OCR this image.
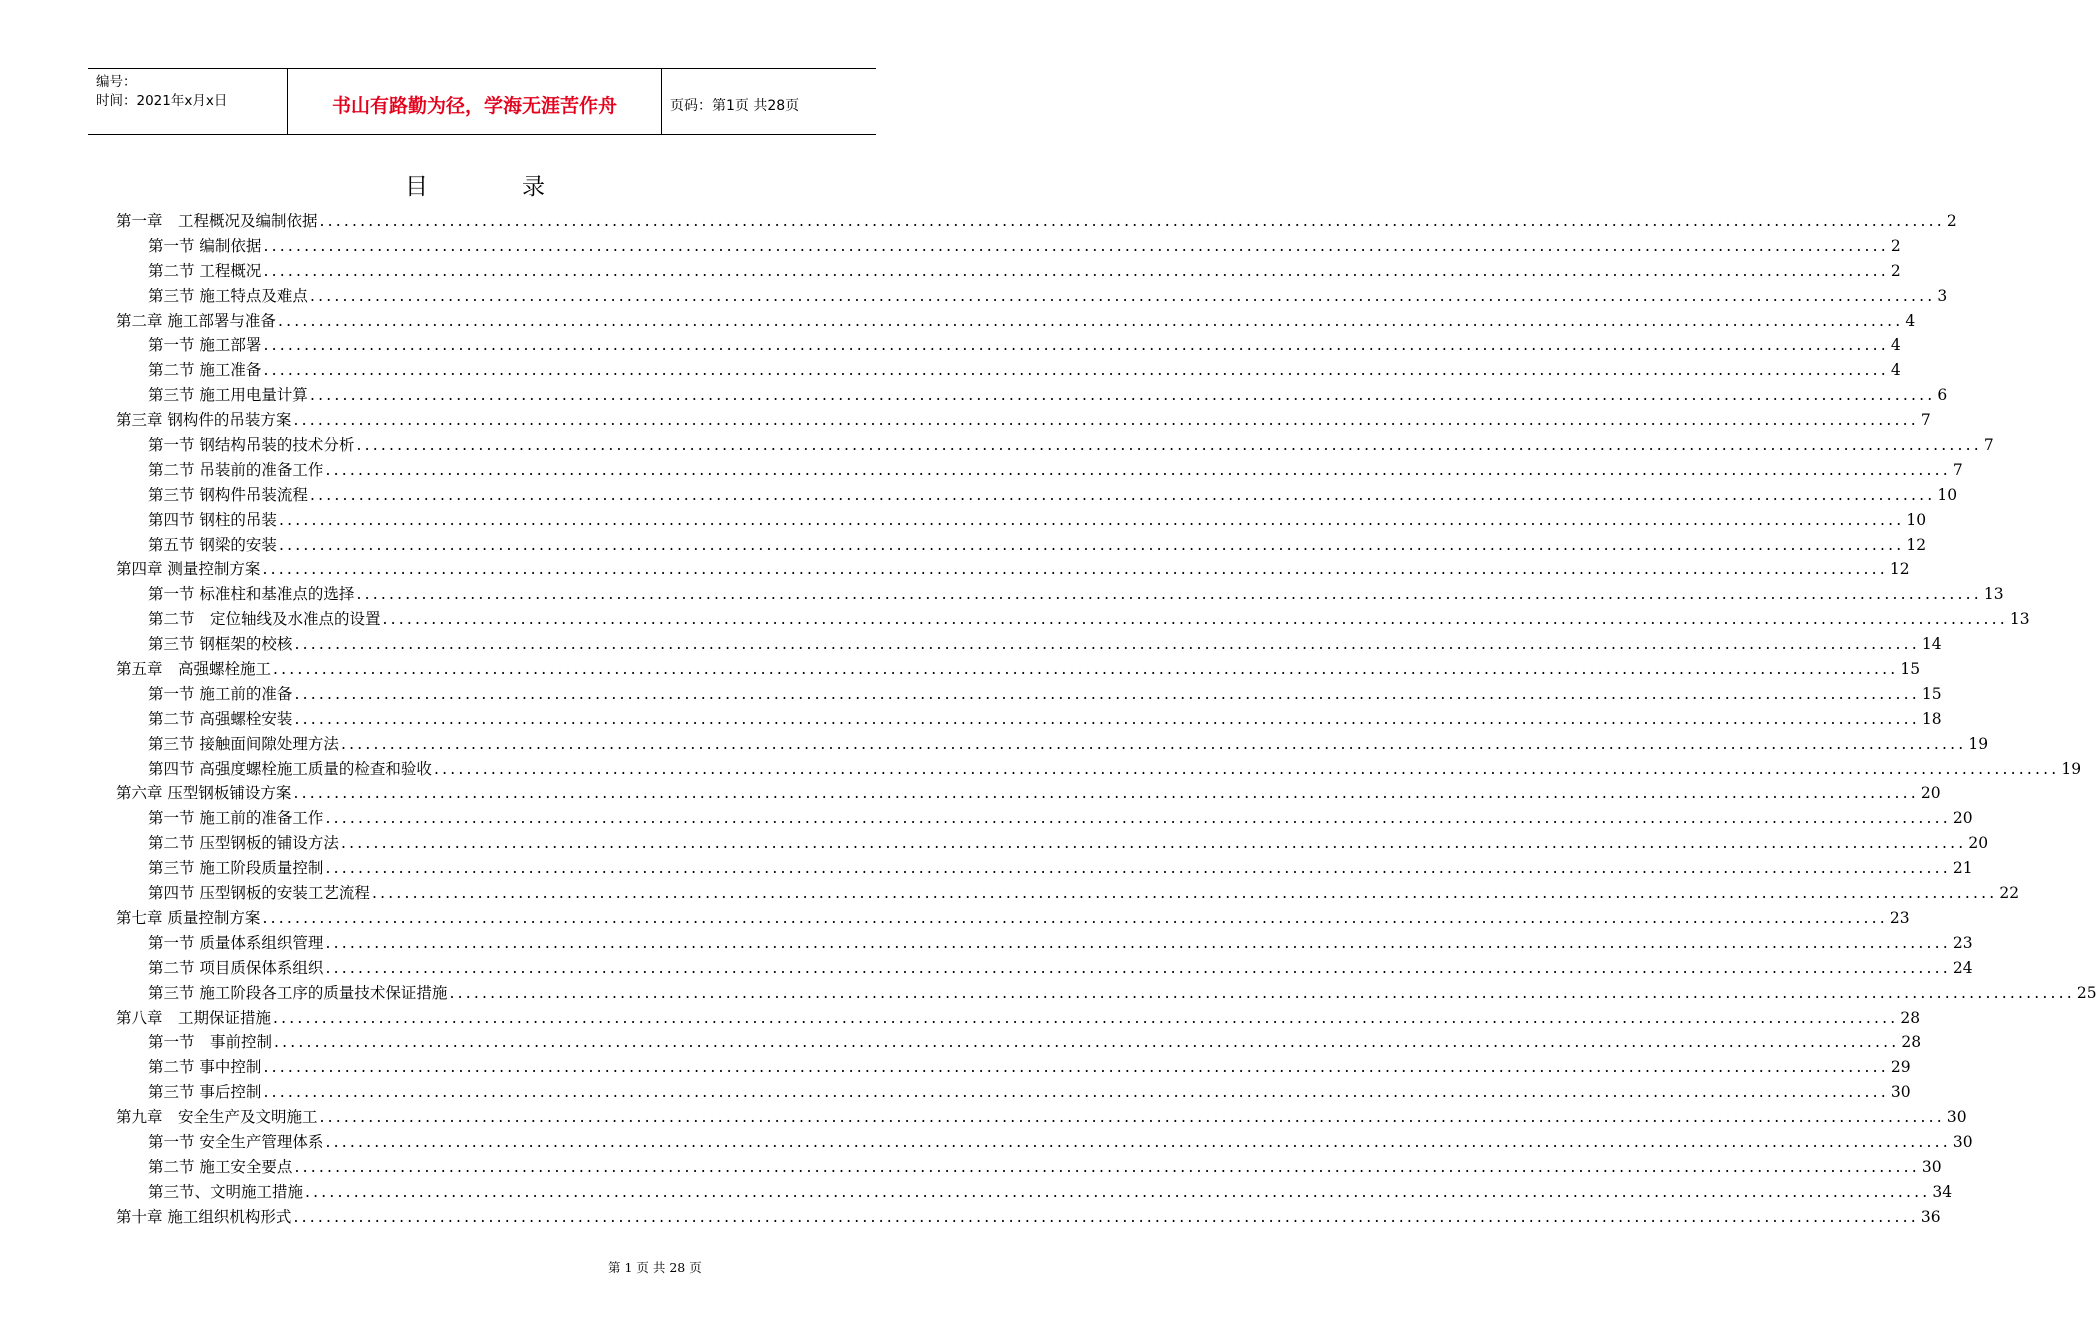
编号：
时间：2021年x月x日	书山有路勤为径，学海无涯苦作舟	页码：第1页 共28页
目	录
第一章　工程概况及编制依据 ........................................................................................................................................................................................................ 2
第一节 编制依据 ........................................................................................................................................................................................................ 2
第二节 工程概况 ........................................................................................................................................................................................................ 2
第三节 施工特点及难点 ........................................................................................................................................................................................................ 3
第二章 施工部署与准备 ........................................................................................................................................................................................................ 4
第一节 施工部署 ........................................................................................................................................................................................................ 4
第二节 施工准备 ........................................................................................................................................................................................................ 4
第三节 施工用电量计算 ........................................................................................................................................................................................................ 6
第三章 钢构件的吊装方案 ........................................................................................................................................................................................................ 7
第一节 钢结构吊装的技术分析 ........................................................................................................................................................................................................ 7
第二节 吊装前的准备工作 ........................................................................................................................................................................................................ 7
第三节 钢构件吊装流程 ........................................................................................................................................................................................................ 10
第四节 钢柱的吊装 ........................................................................................................................................................................................................ 10
第五节 钢梁的安装 ........................................................................................................................................................................................................ 12
第四章 测量控制方案 ........................................................................................................................................................................................................ 12
第一节 标准柱和基准点的选择 ........................................................................................................................................................................................................ 13
第二节　定位轴线及水准点的设置 ........................................................................................................................................................................................................ 13
第三节 钢框架的校核 ........................................................................................................................................................................................................ 14
第五章　高强螺栓施工 ........................................................................................................................................................................................................ 15
第一节 施工前的准备 ........................................................................................................................................................................................................ 15
第二节 高强螺栓安装 ........................................................................................................................................................................................................ 18
第三节 接触面间隙处理方法 ........................................................................................................................................................................................................ 19
第四节 高强度螺栓施工质量的检查和验收 ........................................................................................................................................................................................................ 19
第六章 压型钢板铺设方案 ........................................................................................................................................................................................................ 20
第一节 施工前的准备工作 ........................................................................................................................................................................................................ 20
第二节 压型钢板的铺设方法 ........................................................................................................................................................................................................ 20
第三节 施工阶段质量控制 ........................................................................................................................................................................................................ 21
第四节 压型钢板的安装工艺流程 ........................................................................................................................................................................................................ 22
第七章 质量控制方案 ........................................................................................................................................................................................................ 23
第一节 质量体系组织管理 ........................................................................................................................................................................................................ 23
第二节 项目质保体系组织 ........................................................................................................................................................................................................ 24
第三节 施工阶段各工序的质量技术保证措施 ........................................................................................................................................................................................................ 25
第八章　工期保证措施 ........................................................................................................................................................................................................ 28
第一节　事前控制 ........................................................................................................................................................................................................ 28
第二节 事中控制 ........................................................................................................................................................................................................ 29
第三节 事后控制 ........................................................................................................................................................................................................ 30
第九章　安全生产及文明施工 ........................................................................................................................................................................................................ 30
第一节 安全生产管理体系 ........................................................................................................................................................................................................ 30
第二节 施工安全要点 ........................................................................................................................................................................................................ 30
第三节、文明施工措施 ........................................................................................................................................................................................................ 34
第十章 施工组织机构形式 ........................................................................................................................................................................................................ 36
第 1 页 共 28 页
